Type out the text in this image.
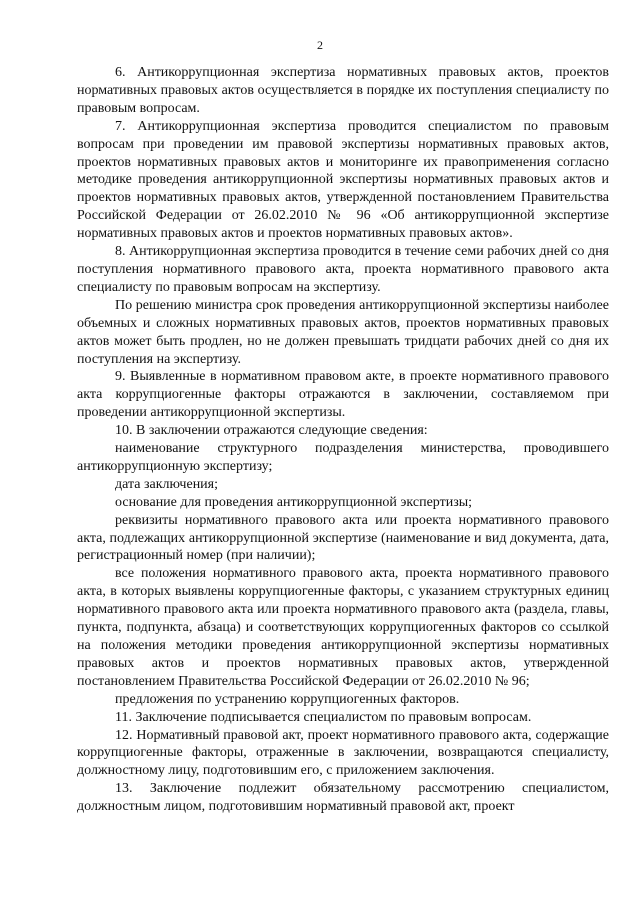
2

6. Антикоррупционная экспертиза нормативных правовых актов, проектов нормативных правовых актов осуществляется в порядке их поступления специалисту по правовым вопросам.

7. Антикоррупционная экспертиза проводится специалистом по правовым вопросам при проведении им правовой экспертизы нормативных правовых актов, проектов нормативных правовых актов и мониторинге их правоприменения согласно методике проведения антикоррупционной экспертизы нормативных правовых актов и проектов нормативных правовых актов, утвержденной постановлением Правительства Российской Федерации от 26.02.2010 № 96 «Об антикоррупционной экспертизе нормативных правовых актов и проектов нормативных правовых актов».

8. Антикоррупционная экспертиза проводится в течение семи рабочих дней со дня поступления нормативного правового акта, проекта нормативного правового акта специалисту по правовым вопросам на экспертизу.

По решению министра срок проведения антикоррупционной экспертизы наиболее объемных и сложных нормативных правовых актов, проектов нормативных правовых актов может быть продлен, но не должен превышать тридцати рабочих дней со дня их поступления на экспертизу.

9. Выявленные в нормативном правовом акте, в проекте нормативного правового акта коррупциогенные факторы отражаются в заключении, составляемом при проведении антикоррупционной экспертизы.

10. В заключении отражаются следующие сведения:

наименование структурного подразделения министерства, проводившего антикоррупционную экспертизу;

дата заключения;

основание для проведения антикоррупционной экспертизы;

реквизиты нормативного правового акта или проекта нормативного правового акта, подлежащих антикоррупционной экспертизе (наименование и вид документа, дата, регистрационный номер (при наличии);

все положения нормативного правового акта, проекта нормативного правового акта, в которых выявлены коррупциогенные факторы, с указанием структурных единиц нормативного правового акта или проекта нормативного правового акта (раздела, главы, пункта, подпункта, абзаца) и соответствующих коррупциогенных факторов со ссылкой на положения методики проведения антикоррупционной экспертизы нормативных правовых актов и проектов нормативных правовых актов, утвержденной постановлением Правительства Российской Федерации от 26.02.2010 № 96;

предложения по устранению коррупциогенных факторов.

11. Заключение подписывается специалистом по правовым вопросам.

12. Нормативный правовой акт, проект нормативного правового акта, содержащие коррупциогенные факторы, отраженные в заключении, возвращаются специалисту, должностному лицу, подготовившим его, с приложением заключения.

13. Заключение подлежит обязательному рассмотрению специалистом, должностным лицом, подготовившим нормативный правовой акт, проект
